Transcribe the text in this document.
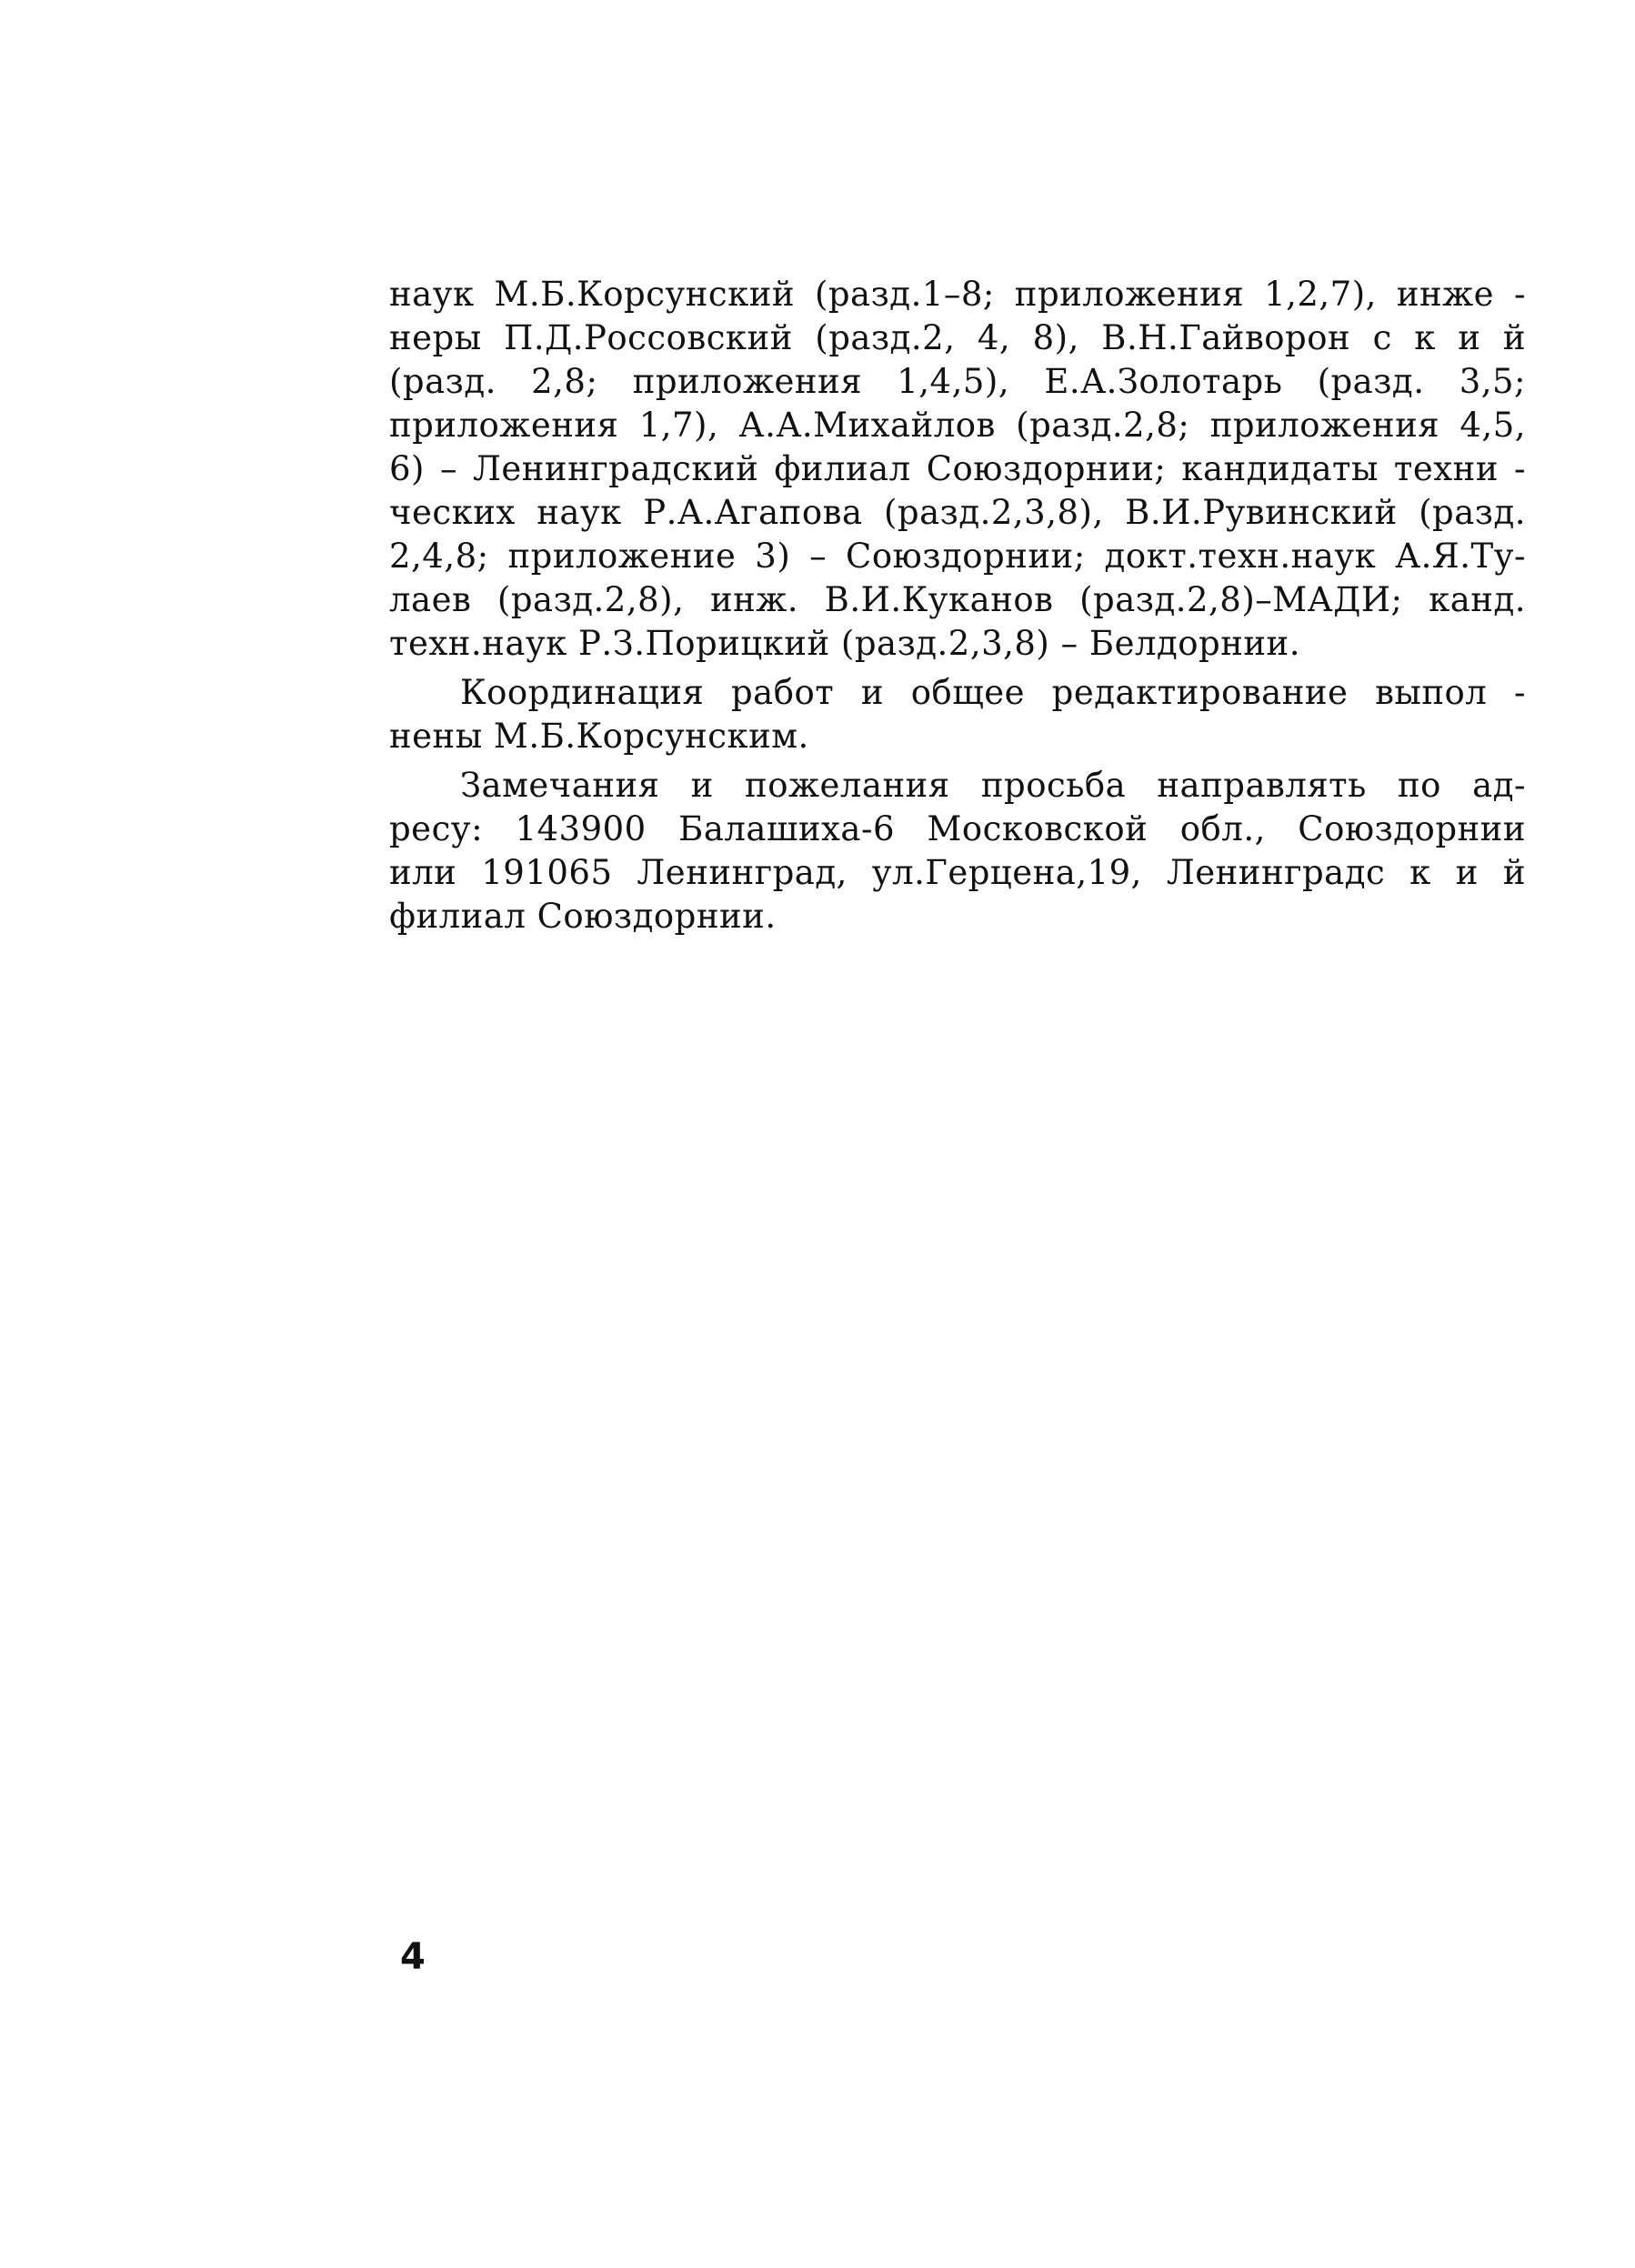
наук М.Б.Корсунский (разд.1–8; приложения 1,2,7), инже -
неры П.Д.Россовский (разд.2, 4, 8), В.Н.Гайворон с к и й
(разд. 2,8; приложения 1,4,5), Е.А.Золотарь (разд. 3,5;
приложения 1,7), А.А.Михайлов (разд.2,8; приложения 4,5,
6) – Ленинградский филиал Союздорнии; кандидаты техни -
ческих наук Р.А.Агапова (разд.2,3,8), В.И.Рувинский (разд.
2,4,8; приложение 3) – Союздорнии; докт.техн.наук А.Я.Ту-
лаев (разд.2,8), инж. В.И.Куканов (разд.2,8)–МАДИ; канд.
техн.наук Р.З.Порицкий (разд.2,3,8) – Белдорнии.
Координация работ и общее редактирование выпол -
нены М.Б.Корсунским.
Замечания и пожелания просьба направлять по ад-
ресу: 143900 Балашиха-6 Московской обл., Союздорнии
или 191065 Ленинград, ул.Герцена,19, Ленинградс к и й
филиал Союздорнии.
4
